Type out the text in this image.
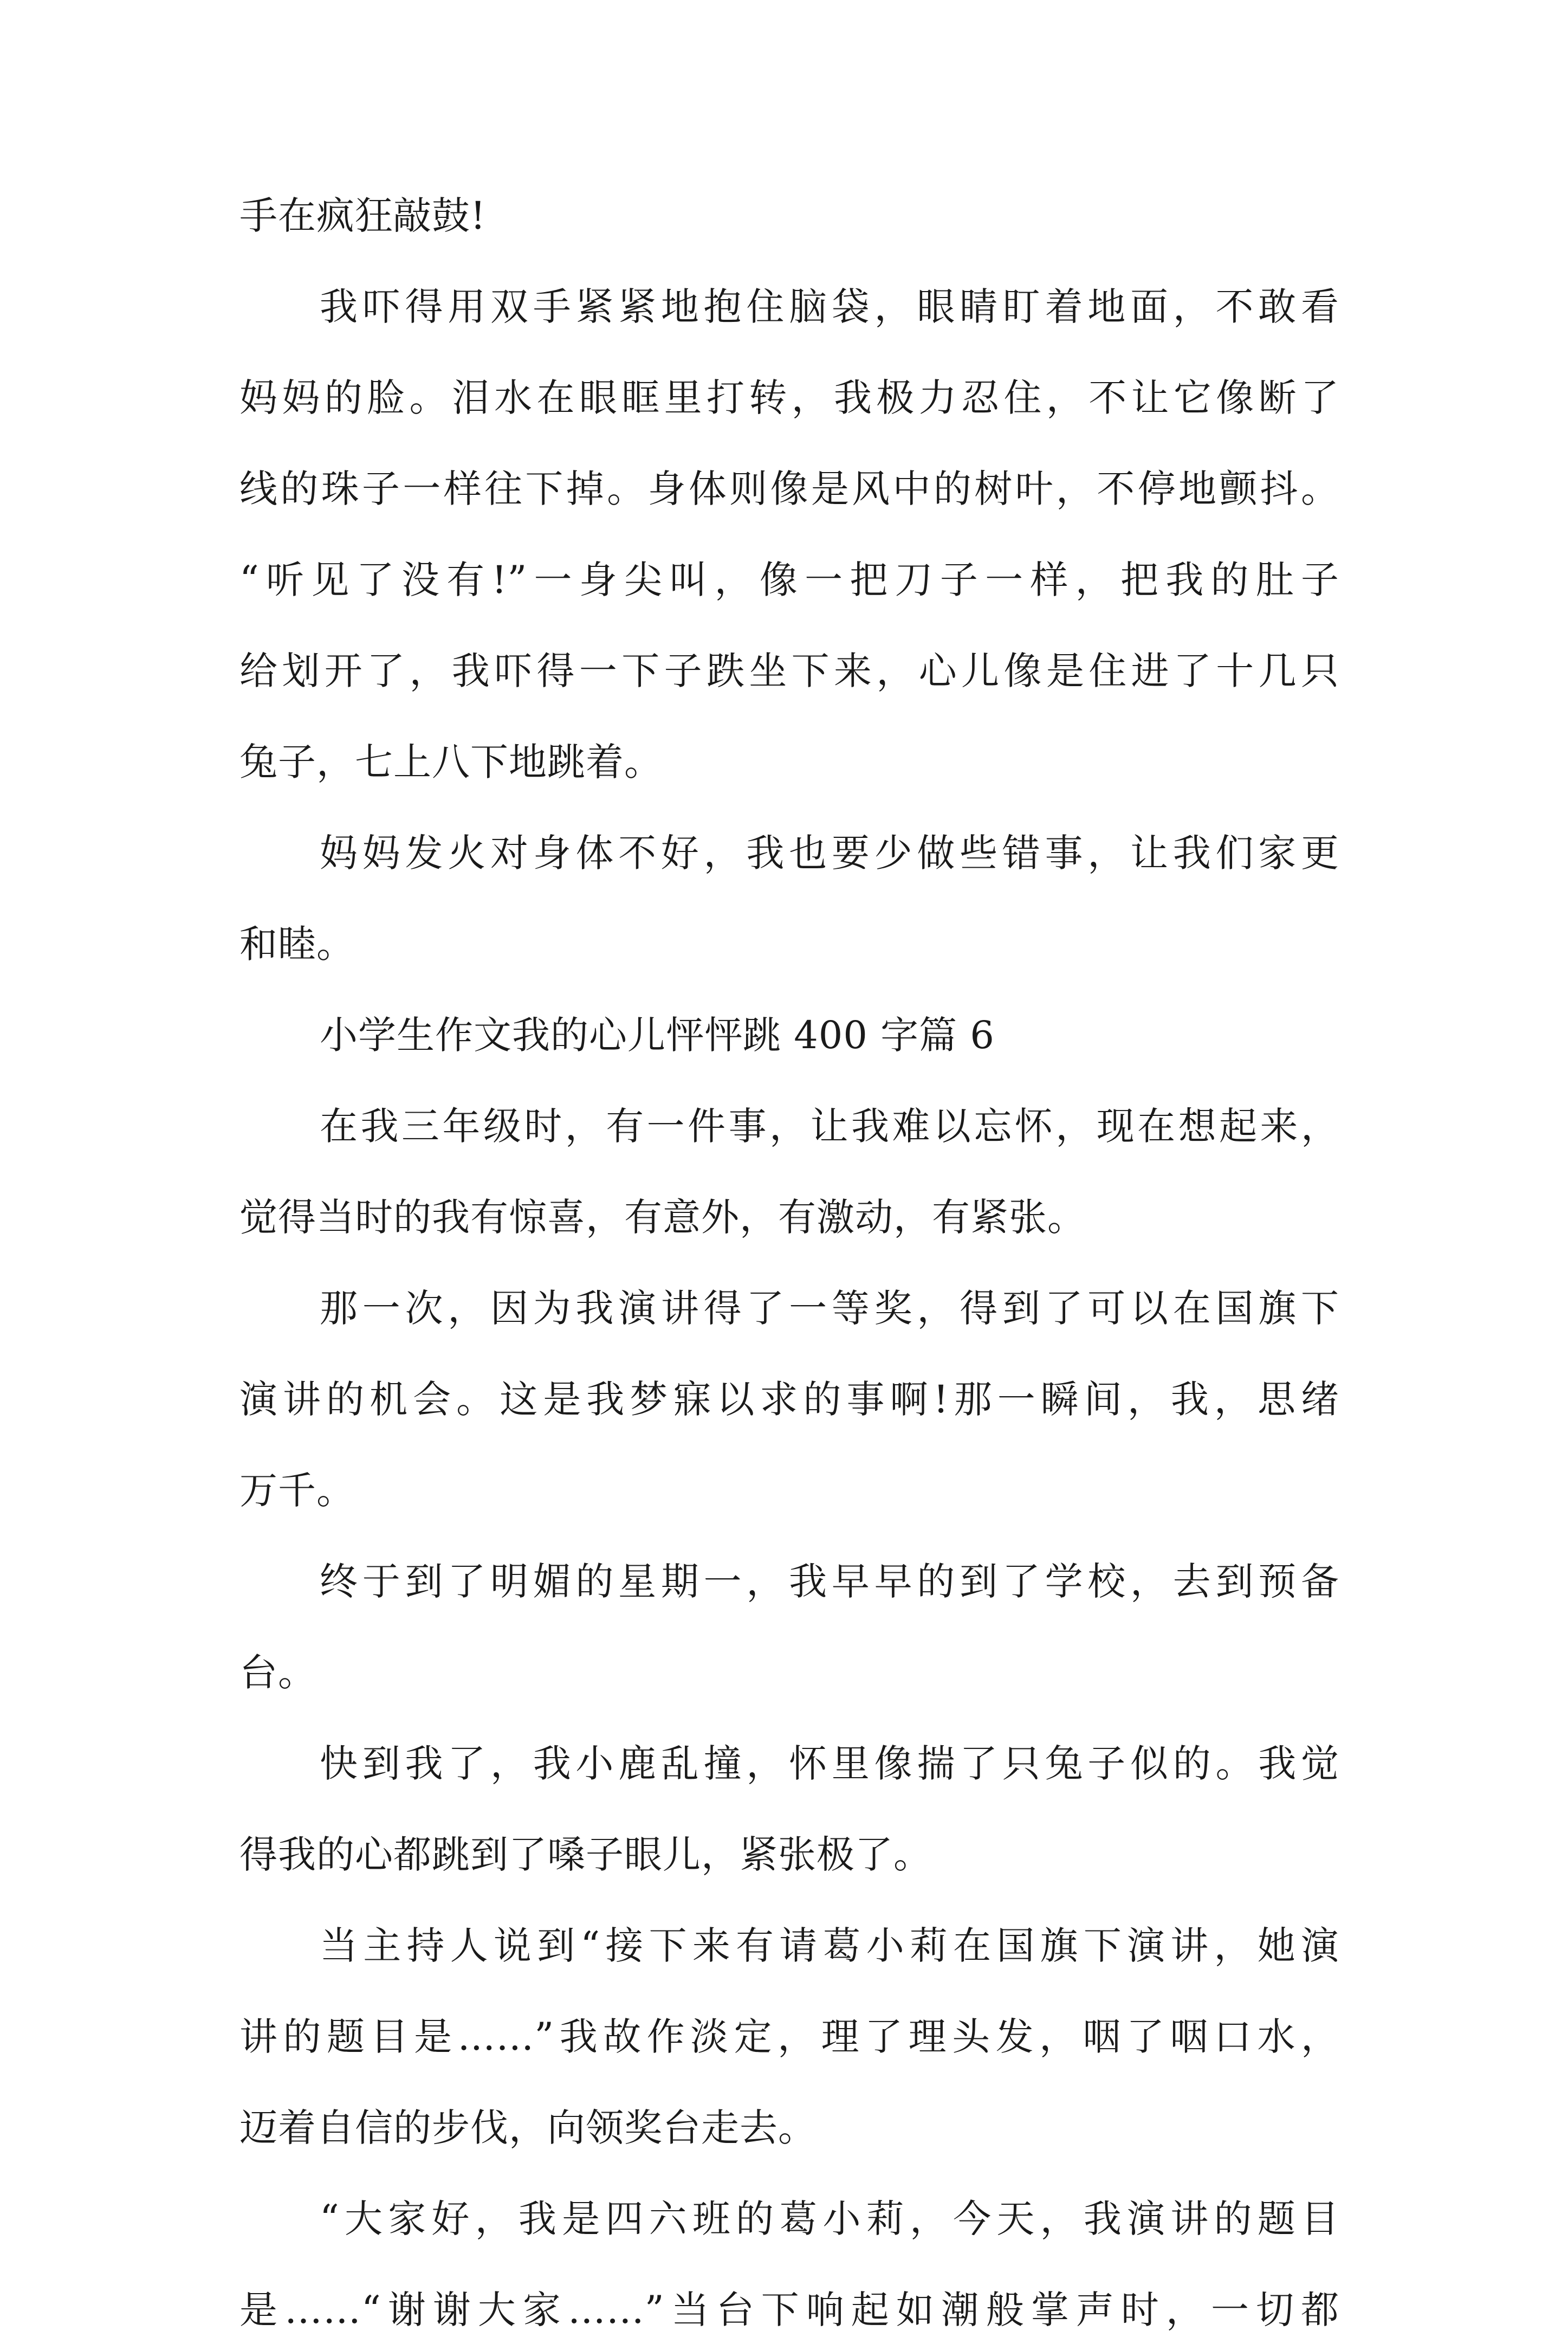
手在疯狂敲鼓!
我吓得用双手紧紧地抱住脑袋，眼睛盯着地面，不敢看
妈妈的脸。泪水在眼眶里打转，我极力忍住，不让它像断了
线的珠子一样往下掉。身体则像是风中的树叶，不停地颤抖。
“听见了没有!”一身尖叫，像一把刀子一样，把我的肚子
给划开了，我吓得一下子跌坐下来，心儿像是住进了十几只
兔子，七上八下地跳着。
妈妈发火对身体不好，我也要少做些错事，让我们家更
和睦。
小学生作文我的心儿怦怦跳 400 字篇 6
在我三年级时，有一件事，让我难以忘怀，现在想起来，
觉得当时的我有惊喜，有意外，有激动，有紧张。
那一次，因为我演讲得了一等奖，得到了可以在国旗下
演讲的机会。这是我梦寐以求的事啊!那一瞬间，我，思绪
万千。
终于到了明媚的星期一，我早早的到了学校，去到预备
台。
快到我了，我小鹿乱撞，怀里像揣了只兔子似的。我觉
得我的心都跳到了嗓子眼儿，紧张极了。
当主持人说到“接下来有请葛小莉在国旗下演讲，她演
讲的题目是……”我故作淡定，理了理头发，咽了咽口水，
迈着自信的步伐，向领奖台走去。
“大家好，我是四六班的葛小莉，今天，我演讲的题目
是……“谢谢大家……”当台下响起如潮般掌声时，一切都
